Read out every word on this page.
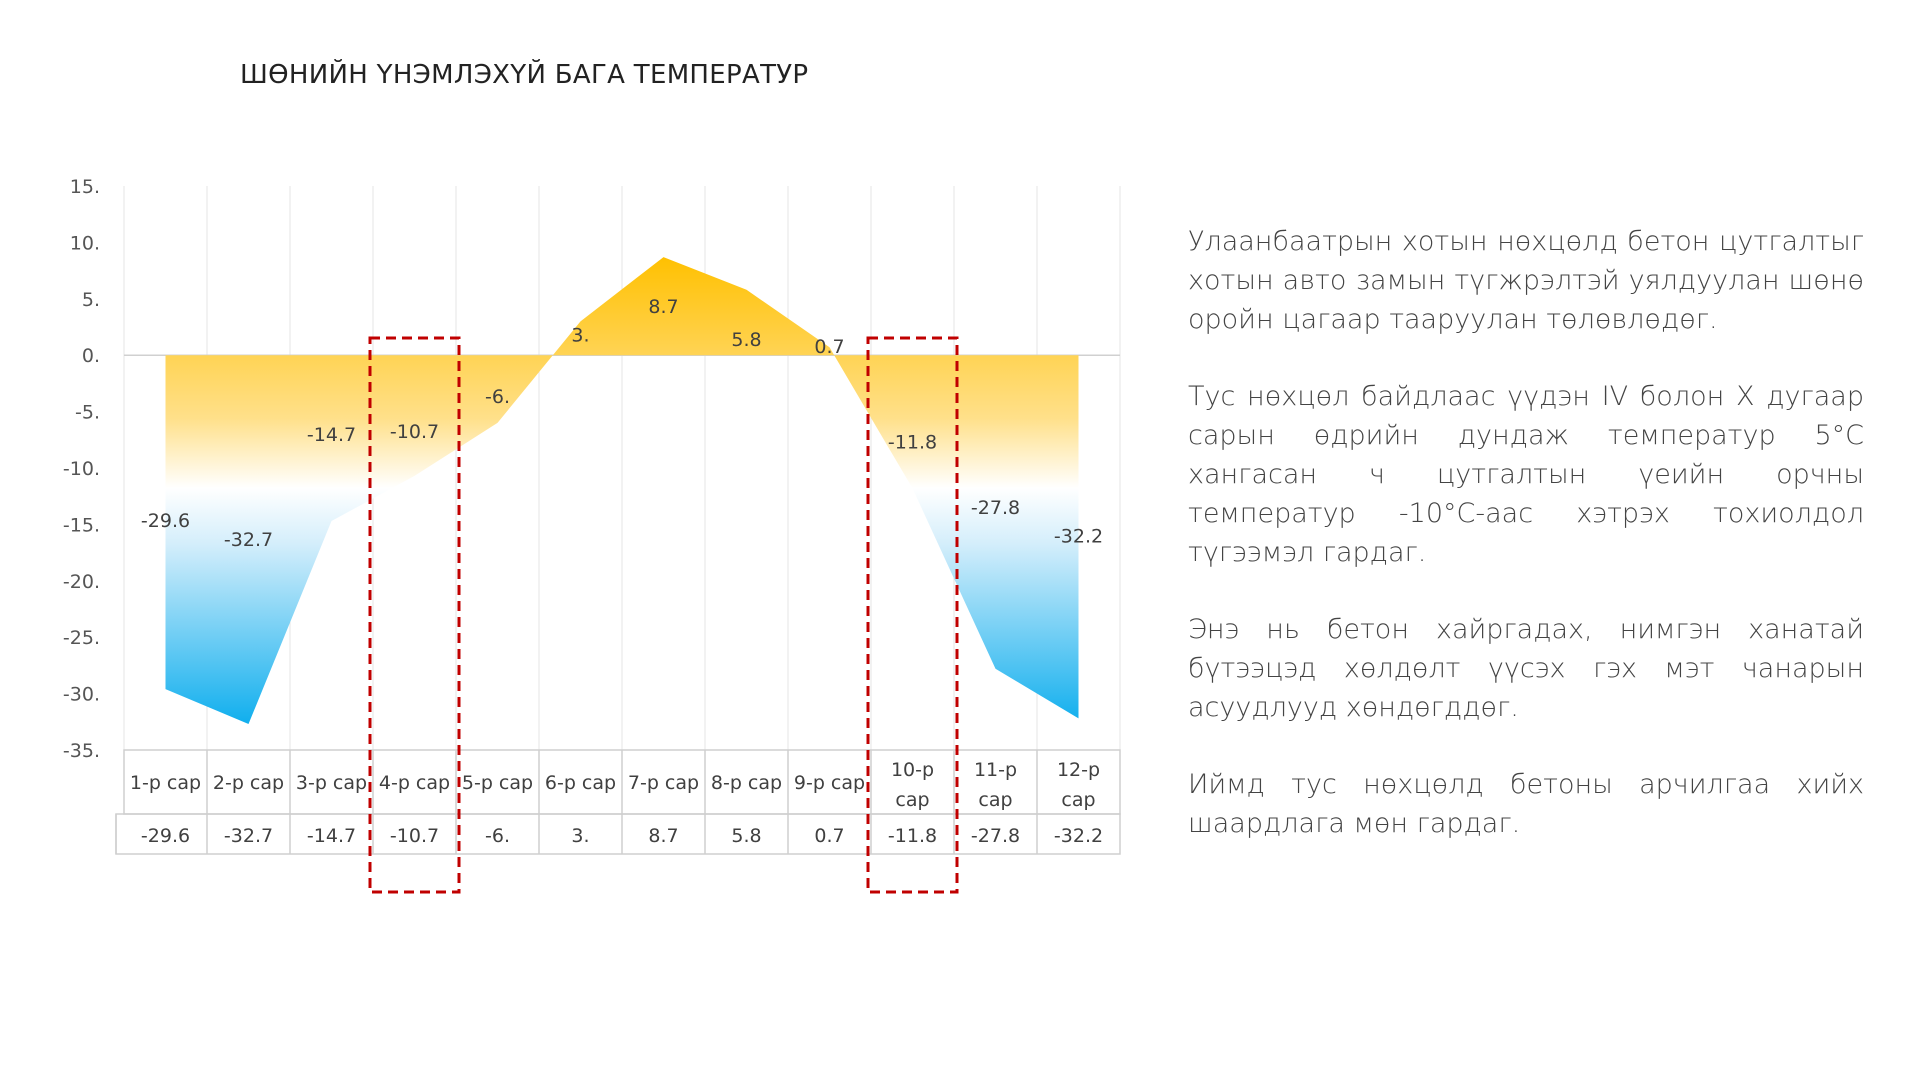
ШӨНИЙН ҮНЭМЛЭХҮЙ БАГА ТЕМПЕРАТУР
15.
10.
5.
0.
-5.
-10.
-15.
-20.
-25.
-30.
-35.
-29.6
-32.7
-14.7 -10.7
-6.
3.
8.7
5.8	0.7
-11.8
-27.8
-32.2
1-р сар
-29.6
2-р сар
-32.7
3-р сар
-14.7
4-р сар
-10.7
5-р сар
-6.
6-р сар
3.
7-р сар
8.7
8-р сар
5.8
9-р сар
0.7
10-р
сар
-11.8
11-р
сар
-27.8
12-р
сар
-32.2

Улаанбаатрын хотын нөхцөлд бетон цутгалтыг хотын авто замын түгжрэлтэй уялдуулан шөнө оройн цагаар тааруулан төлөвлөдөг.

Тус нөхцөл байдлаас үүдэн IV болон X дугаар сарын өдрийн дундаж температур 5°C хангасан ч цутгалтын үеийн орчны температур -10°C-аас хэтрэх тохиолдол түгээмэл гардаг.

Энэ нь бетон хайргадах, нимгэн ханатай бүтээцэд хөлдөлт үүсэх гэх мэт чанарын асуудлууд хөндөгддөг.

Иймд тус нөхцөлд бетоны арчилгаа хийх шаардлага мөн гардаг.
